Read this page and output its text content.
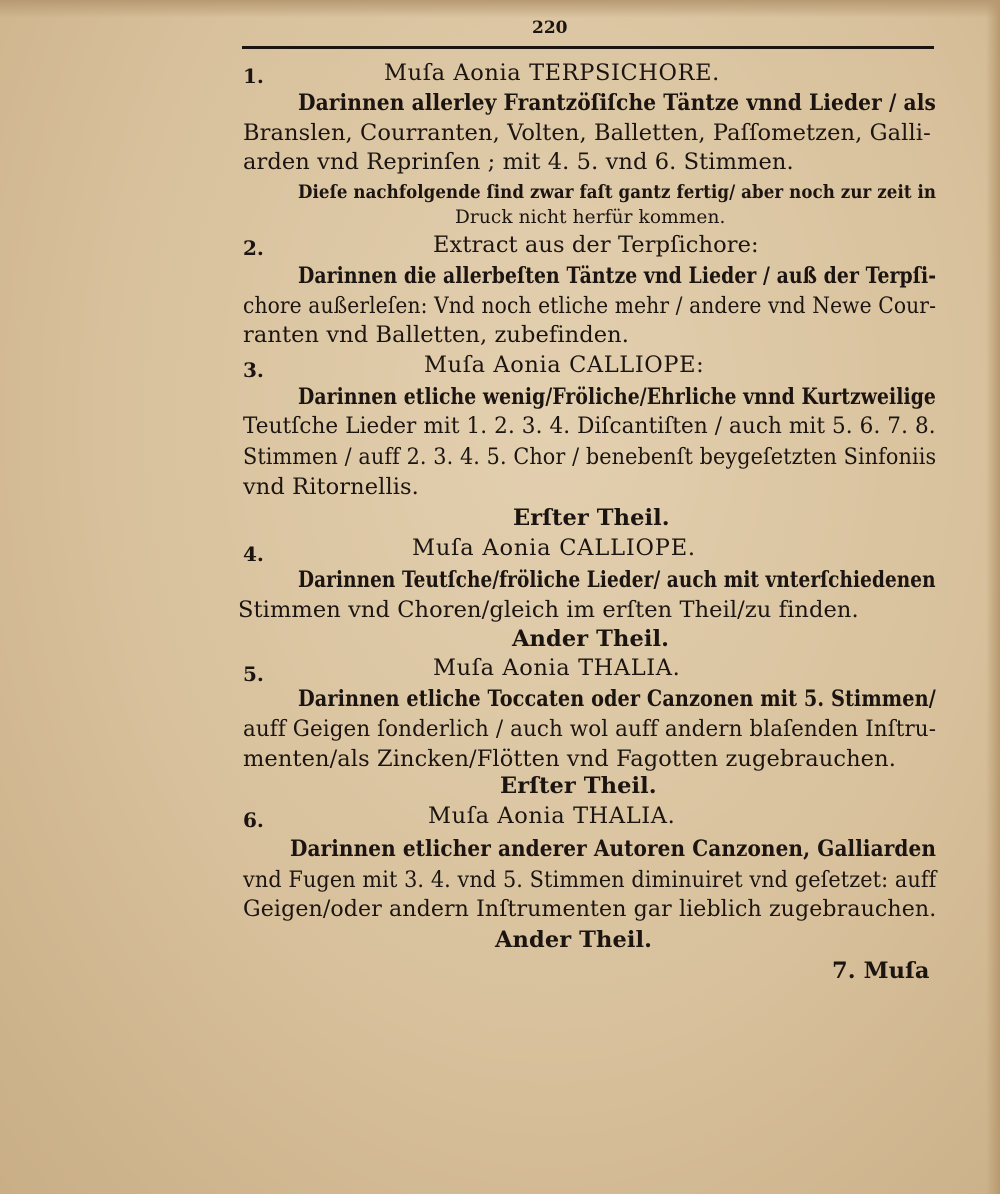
220
1.	Muſa Aonia TERPSICHORE.
Darinnen allerley Frantzöſiſche Täntze vnnd Lieder / als
Branslen, Courranten, Volten, Balletten, Paſſometzen, Galli-
arden vnd Reprinſen ; mit 4. 5. vnd 6. Stimmen.
Dieſe nachfolgende ſind zwar faſt gantz fertig/ aber noch zur zeit in
Druck nicht herfür kommen.
2.	Extract aus der Terpſichore:
Darinnen die allerbeſten Täntze vnd Lieder / auß der Terpſi-
chore außerleſen: Vnd noch etliche mehr / andere vnd Newe Cour-
ranten vnd Balletten, zubefinden.
3.	Muſa Aonia CALLIOPE:
Darinnen etliche wenig/Fröliche/Ehrliche vnnd Kurtzweilige
Teutſche Lieder mit 1. 2. 3. 4. Diſcantiſten / auch mit 5. 6. 7. 8.
Stimmen / auff 2. 3. 4. 5. Chor / benebenſt beygeſetzten Sinfoniis
vnd Ritornellis.
Erſter Theil.
4.	Muſa Aonia CALLIOPE.
Darinnen Teutſche/fröliche Lieder/ auch mit vnterſchiedenen
Stimmen vnd Choren/gleich im erſten Theil/zu finden.
Ander Theil.
5.	Muſa Aonia THALIA.
Darinnen etliche Toccaten oder Canzonen mit 5. Stimmen/
auff Geigen ſonderlich / auch wol auff andern blaſenden Inſtru-
menten/als Zincken/Flötten vnd Fagotten zugebrauchen.
Erſter Theil.
6.	Muſa Aonia THALIA.
Darinnen etlicher anderer Autoren Canzonen, Galliarden
vnd Fugen mit 3. 4. vnd 5. Stimmen diminuiret vnd geſetzet: auff
Geigen/oder andern Inſtrumenten gar lieblich zugebrauchen.
Ander Theil.
7. Muſa
